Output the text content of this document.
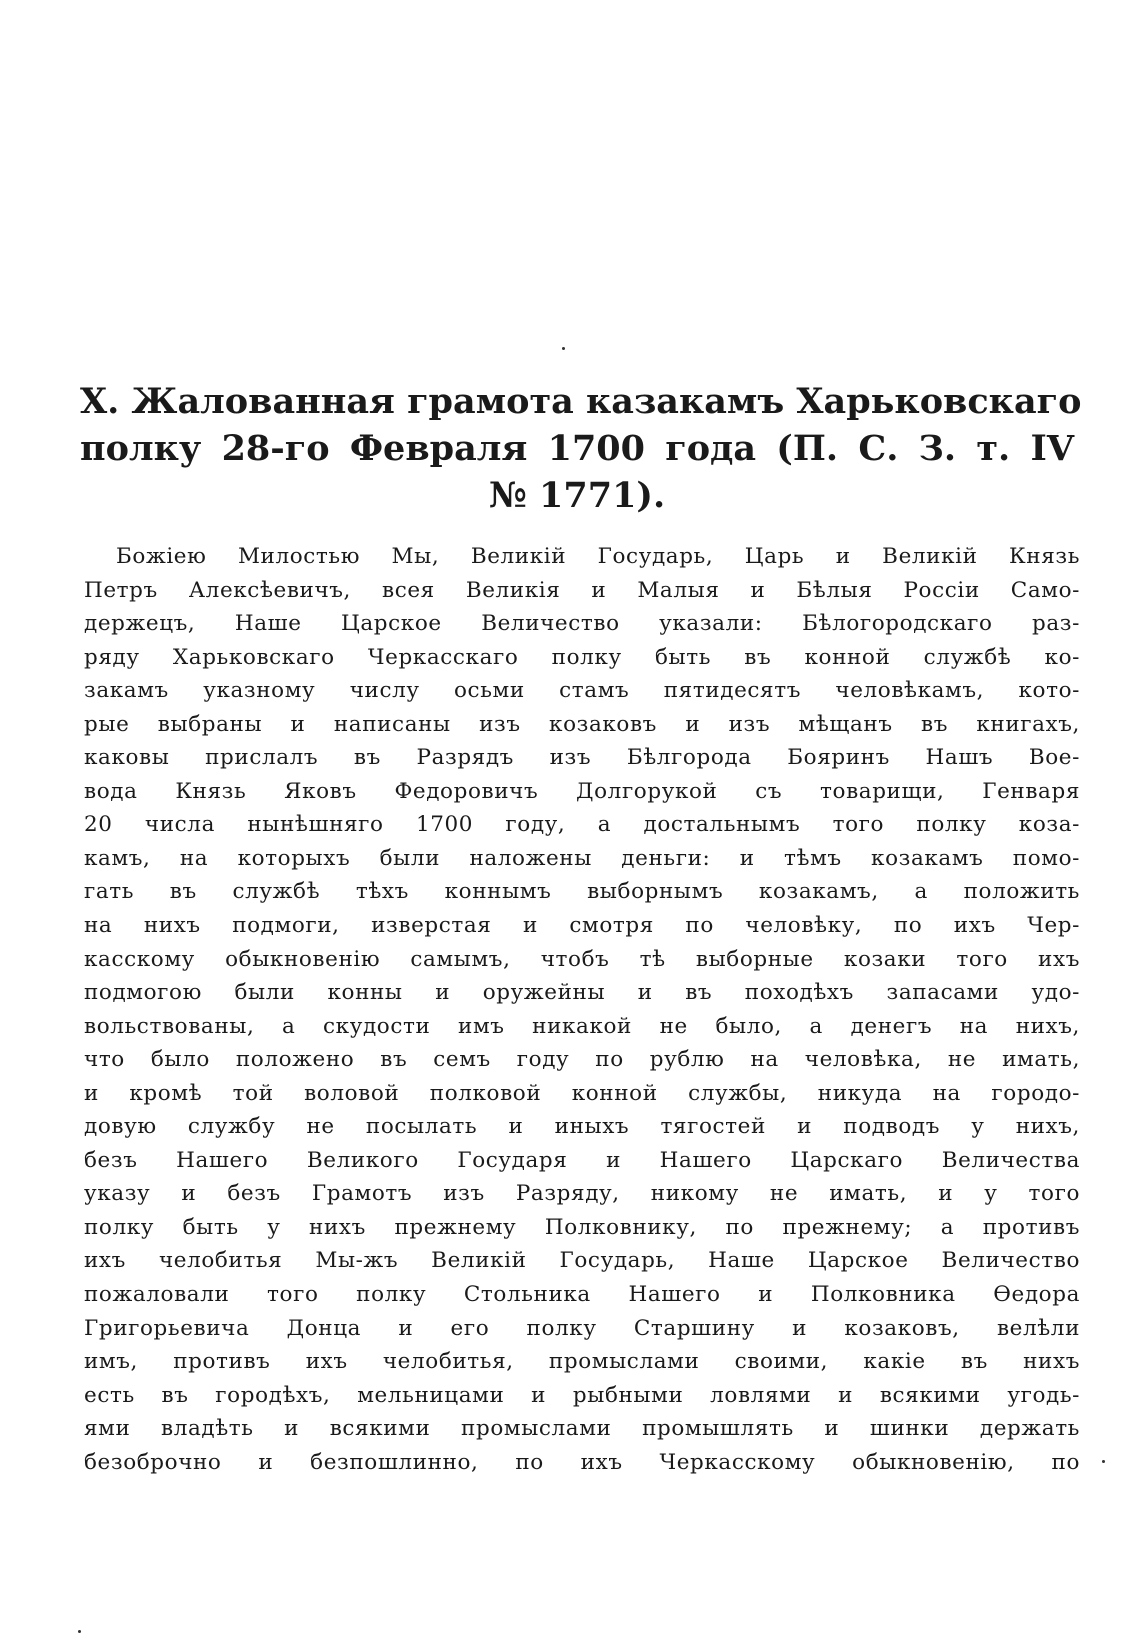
X. Жалованная грамота казакамъ Харьковскаго
полку 28-го Февраля 1700 года (П. С. З. т. IV
№ 1771).
Божiею Милостью Мы, Великiй Государь, Царь и Великiй Князь
Петръ Алексѣевичъ, всея Великiя и Малыя и Бѣлыя Россiи Само-
держецъ, Наше Царское Величество указали: Бѣлогородскаго раз-
ряду Харьковскаго Черкасскаго полку быть въ конной службѣ ко-
закамъ указному числу осьми стамъ пятидесятъ человѣкамъ, кото-
рые выбраны и написаны изъ козаковъ и изъ мѣщанъ въ книгахъ,
каковы прислалъ въ Разрядъ изъ Бѣлгорода Бояринъ Нашъ Вое-
вода Князь Яковъ Федоровичъ Долгорукой съ товарищи, Генваря
20 числа нынѣшняго 1700 году, а достальнымъ того полку коза-
камъ, на которыхъ были наложены деньги: и тѣмъ козакамъ помо-
гать въ службѣ тѣхъ коннымъ выборнымъ козакамъ, а положить
на нихъ подмоги, изверстая и смотря по человѣку, по ихъ Чер-
касскому обыкновенiю самымъ, чтобъ тѣ выборные козаки того ихъ
подмогою были конны и оружейны и въ походѣхъ запасами удо-
вольствованы, а скудости имъ никакой не было, а денегъ на нихъ,
что было положено въ семъ году по рублю на человѣка, не имать,
и кромѣ той воловой полковой конной службы, никуда на городо-
довую службу не посылать и иныхъ тягостей и подводъ у нихъ,
безъ Нашего Великого Государя и Нашего Царскаго Величества
указу и безъ Грамотъ изъ Разряду, никому не имать, и у того
полку быть у нихъ прежнему Полковнику, по прежнему; а противъ
ихъ челобитья Мы-жъ Великiй Государь, Наше Царское Величество
пожаловали того полку Стольника Нашего и Полковника Ѳедора
Григорьевича Донца и его полку Старшину и козаковъ, велѣли
имъ, противъ ихъ челобитья, промыслами своими, какiе въ нихъ
есть въ городѣхъ, мельницами и рыбными ловлями и всякими угодь-
ями владѣть и всякими промыслами промышлять и шинки держать
безоброчно и безпошлинно, по ихъ Черкасскому обыкновенiю, по
